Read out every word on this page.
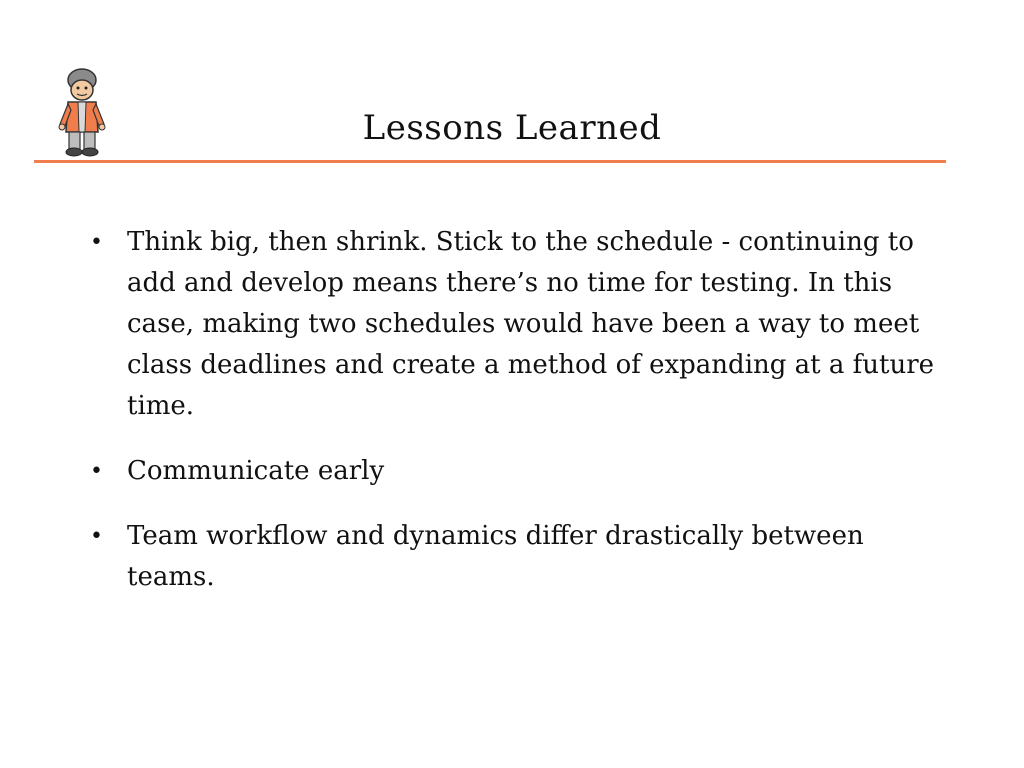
Lessons Learned
• Think big, then shrink. Stick to the schedule - continuing to add and develop means there’s no time for testing. In this case, making two schedules would have been a way to meet class deadlines and create a method of expanding at a future time.
• Communicate early
• Team workflow and dynamics differ drastically between teams.
